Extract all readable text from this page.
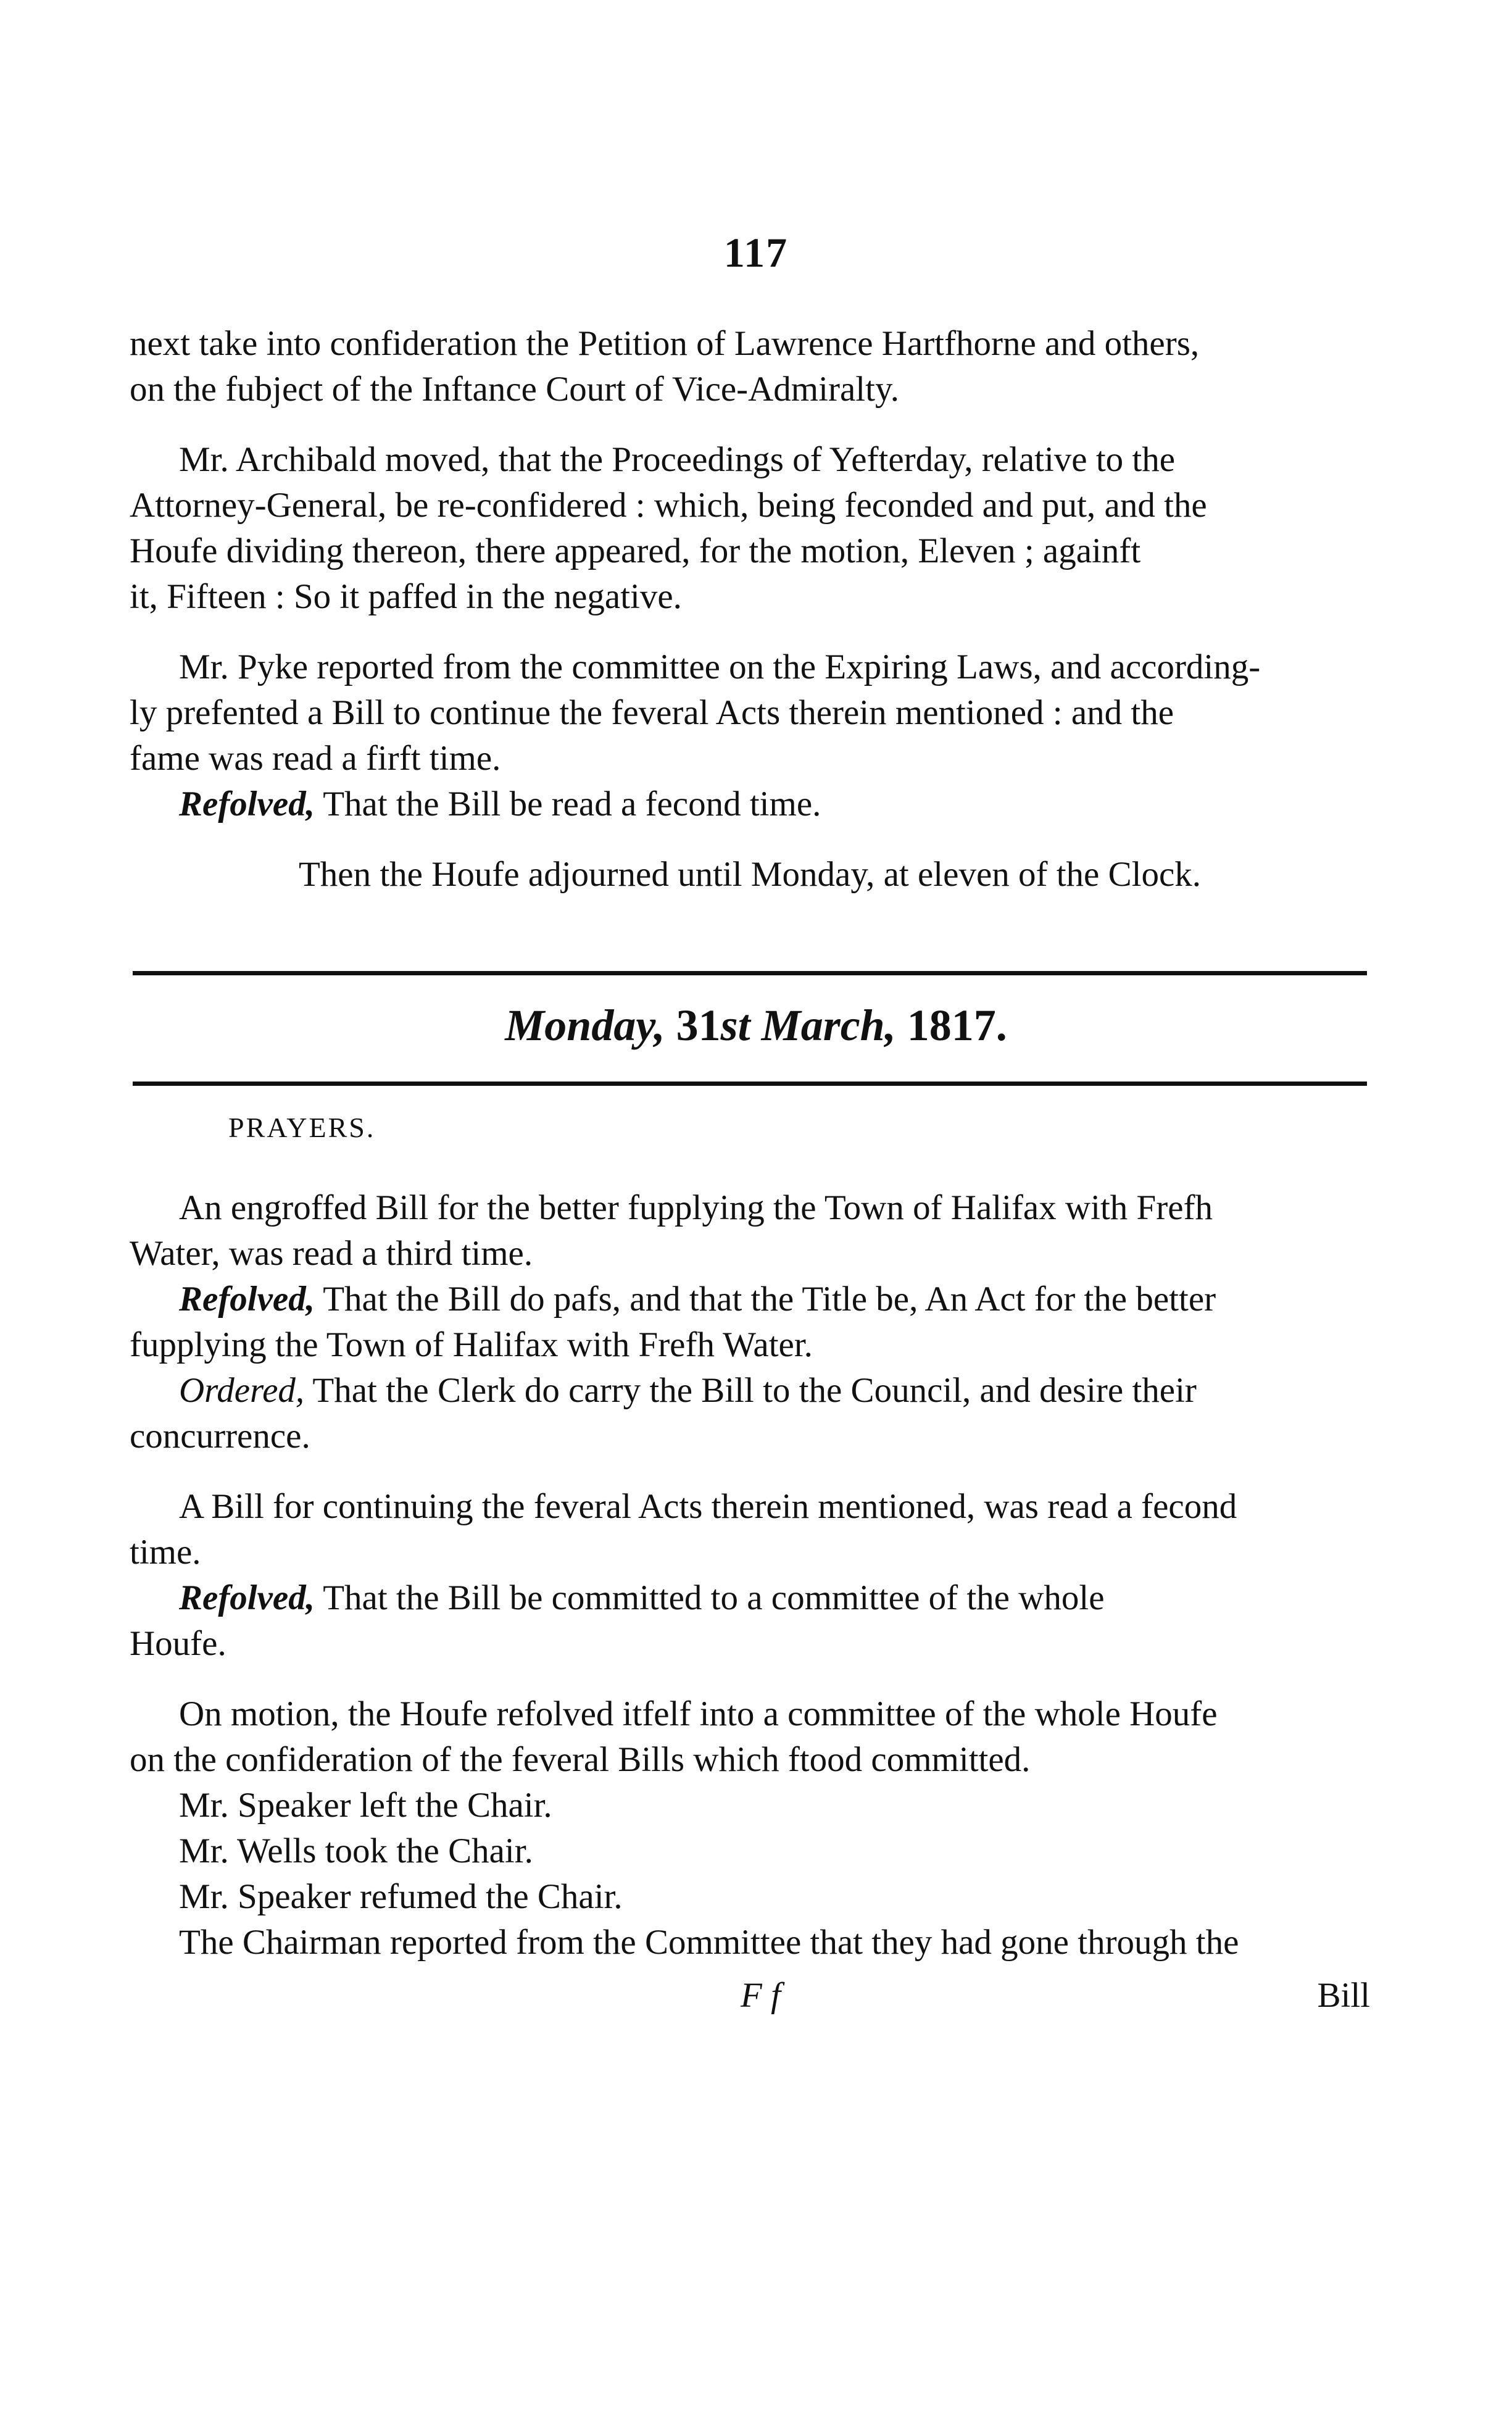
117

next take into confideration the Petition of Lawrence Hartfhorne and others,
on the fubject of the Inftance Court of Vice-Admiralty.

Mr. Archibald moved, that the Proceedings of Yefterday, relative to the
Attorney-General, be re-confidered : which, being feconded and put, and the
Houfe dividing thereon, there appeared, for the motion, Eleven ; againft
it, Fifteen : So it paffed in the negative.

Mr. Pyke reported from the committee on the Expiring Laws, and according-
ly prefented a Bill to continue the feveral Acts therein mentioned : and the
fame was read a firft time.

Refolved, That the Bill be read a fecond time.

Then the Houfe adjourned until Monday, at eleven of the Clock.

Monday, 31st March, 1817.
PRAYERS.

An engroffed Bill for the better fupplying the Town of Halifax with Frefh
Water, was read a third time.

Refolved, That the Bill do pafs, and that the Title be, An Act for the better
fupplying the Town of Halifax with Frefh Water.

Ordered, That the Clerk do carry the Bill to the Council, and desire their
concurrence.

A Bill for continuing the feveral Acts therein mentioned, was read a fecond
time.

Refolved, That the Bill be committed to a committee of the whole
Houfe.

On motion, the Houfe refolved itfelf into a committee of the whole Houfe
on the confideration of the feveral Bills which ftood committed.

Mr. Speaker left the Chair.

Mr. Wells took the Chair.

Mr. Speaker refumed the Chair.

The Chairman reported from the Committee that they had gone through the

F f	Bill
